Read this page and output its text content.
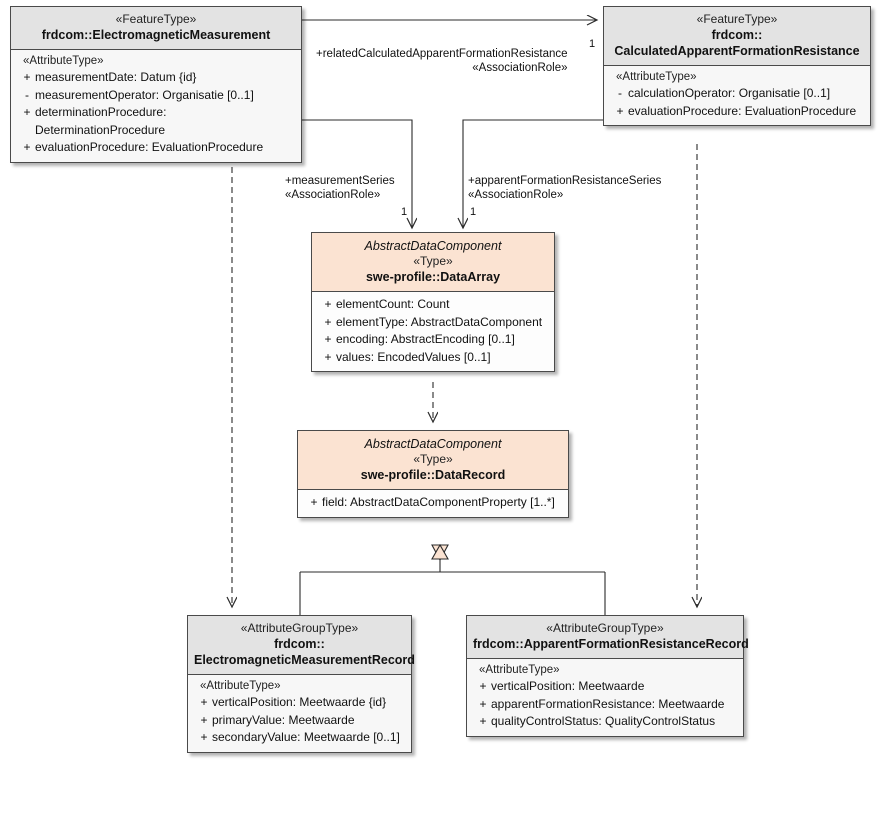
«FeatureType»
frdcom::ElectromagneticMeasurement
«AttributeType»
+ measurementDate: Datum {id}
- measurementOperator: Organisatie [0..1]
+ determinationProcedure: DeterminationProcedure
+ evaluationProcedure: EvaluationProcedure
«FeatureType»
frdcom::
CalculatedApparentFormationResistance
«AttributeType»
- calculationOperator: Organisatie [0..1]
+ evaluationProcedure: EvaluationProcedure
AbstractDataComponent
«Type»
swe-profile::DataArray
+ elementCount: Count
+ elementType: AbstractDataComponent
+ encoding: AbstractEncoding [0..1]
+ values: EncodedValues [0..1]
AbstractDataComponent
«Type»
swe-profile::DataRecord
+ field: AbstractDataComponentProperty [1..*]
«AttributeGroupType»
frdcom::
ElectromagneticMeasurementRecord
«AttributeType»
+ verticalPosition: Meetwaarde {id}
+ primaryValue: Meetwaarde
+ secondaryValue: Meetwaarde [0..1]
«AttributeGroupType»
frdcom::ApparentFormationResistanceRecord
«AttributeType»
+ verticalPosition: Meetwaarde
+ apparentFormationResistance: Meetwaarde
+ qualityControlStatus: QualityControlStatus
+relatedCalculatedApparentFormationResistance
«AssociationRole»
+measurementSeries
«AssociationRole»
+apparentFormationResistanceSeries
«AssociationRole»
1
1	1
